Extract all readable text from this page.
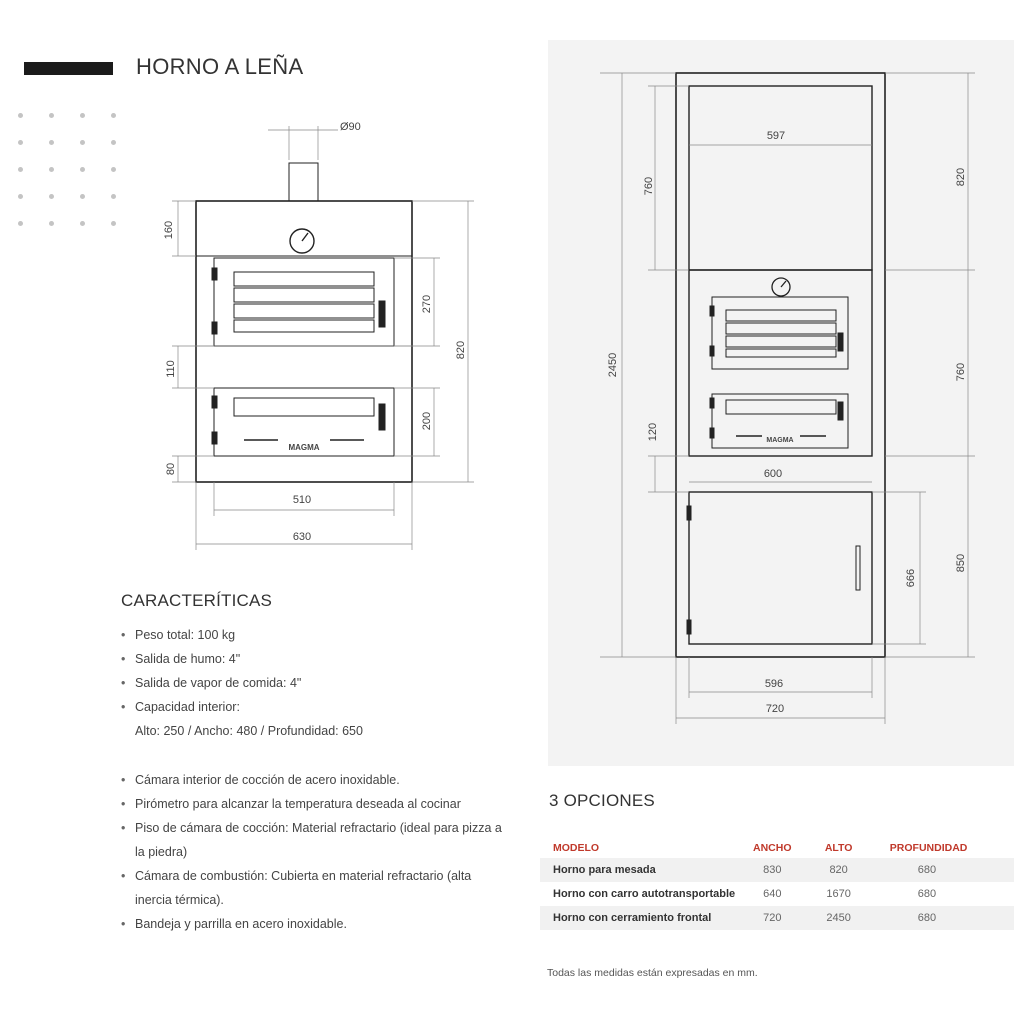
HORNO A LEÑA
Ø90
160
270
820
110
200
80
510
630
MAGMA
597
760	820
2450	760
120
600
666
850
596
720
MAGMA
CARACTERÍTICAS
• Peso total: 100 kg
• Salida de humo: 4"
• Salida de vapor de comida: 4"
• Capacidad interior:
Alto: 250 / Ancho: 480 / Profundidad: 650
• Cámara interior de cocción de acero inoxidable.
• Pirómetro para alcanzar la temperatura deseada al cocinar
• Piso de cámara de cocción: Material refractario (ideal para pizza a la piedra)
• Cámara de combustión: Cubierta en material refractario (alta inercia térmica).
• Bandeja y parrilla en acero inoxidable.
3 OPCIONES
MODELO	ANCHO	ALTO	PROFUNDIDAD
Horno para mesada	830	820	680
Horno con carro autotransportable	640	1670	680
Horno con cerramiento frontal	720	2450	680
Todas las medidas están expresadas en mm.
